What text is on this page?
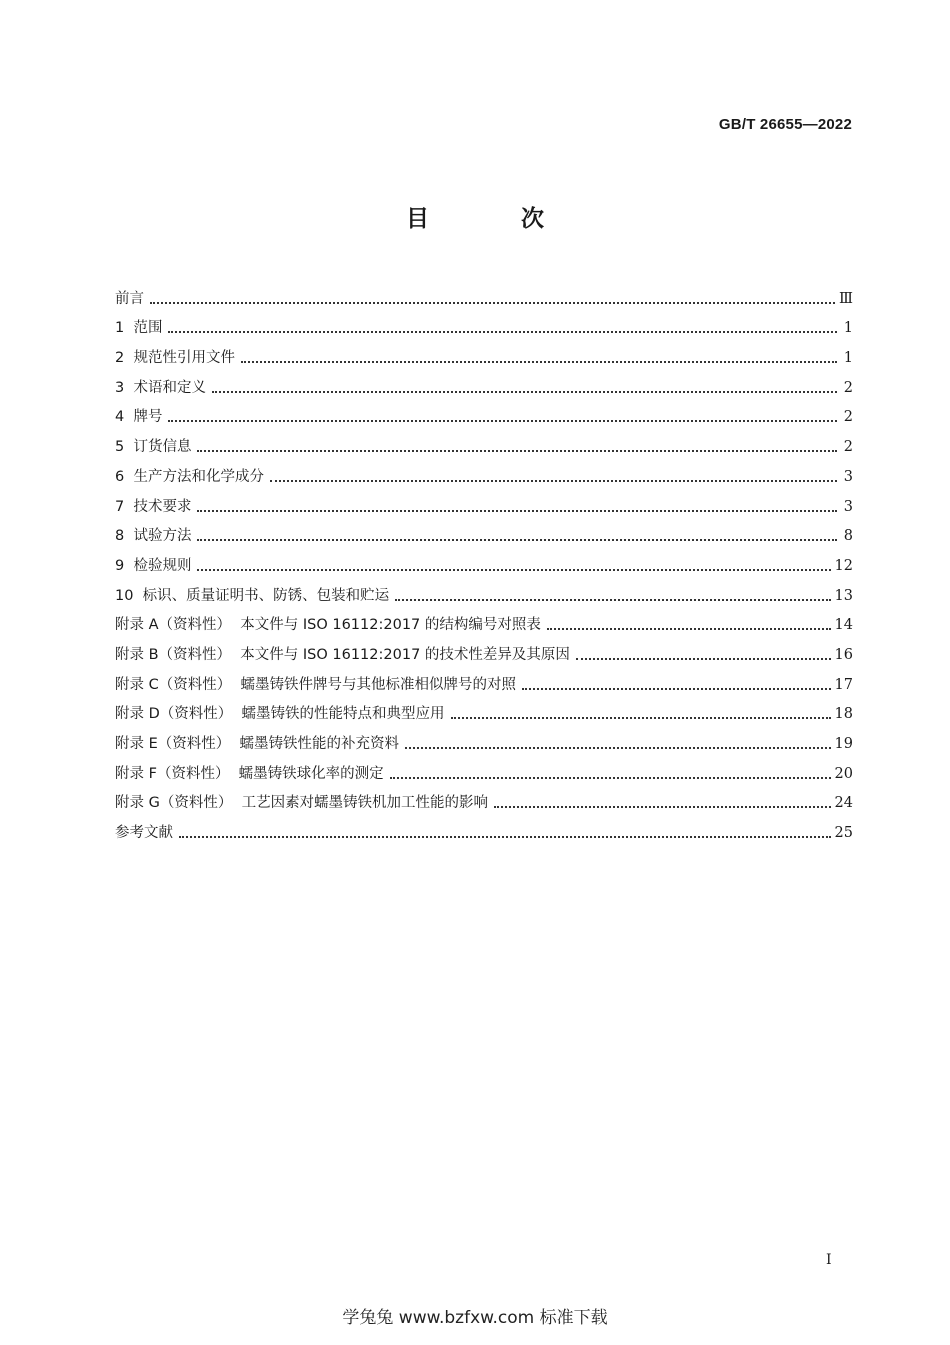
GB/T 26655—2022
目 次
前言	Ⅲ
1  范围	1
2  规范性引用文件	1
3  术语和定义	2
4  牌号	2
5  订货信息	2
6  生产方法和化学成分	3
7  技术要求	3
8  试验方法	8
9  检验规则	12
10  标识、质量证明书、防锈、包装和贮运	13
附录 A（资料性）  本文件与 ISO 16112:2017 的结构编号对照表	14
附录 B（资料性）  本文件与 ISO 16112:2017 的技术性差异及其原因	16
附录 C（资料性）  蠕墨铸铁件牌号与其他标准相似牌号的对照	17
附录 D（资料性）  蠕墨铸铁的性能特点和典型应用	18
附录 E（资料性）  蠕墨铸铁性能的补充资料	19
附录 F（资料性）  蠕墨铸铁球化率的测定	20
附录 G（资料性）  工艺因素对蠕墨铸铁机加工性能的影响	24
参考文献	25
I
学兔兔 www.bzfxw.com 标准下载
